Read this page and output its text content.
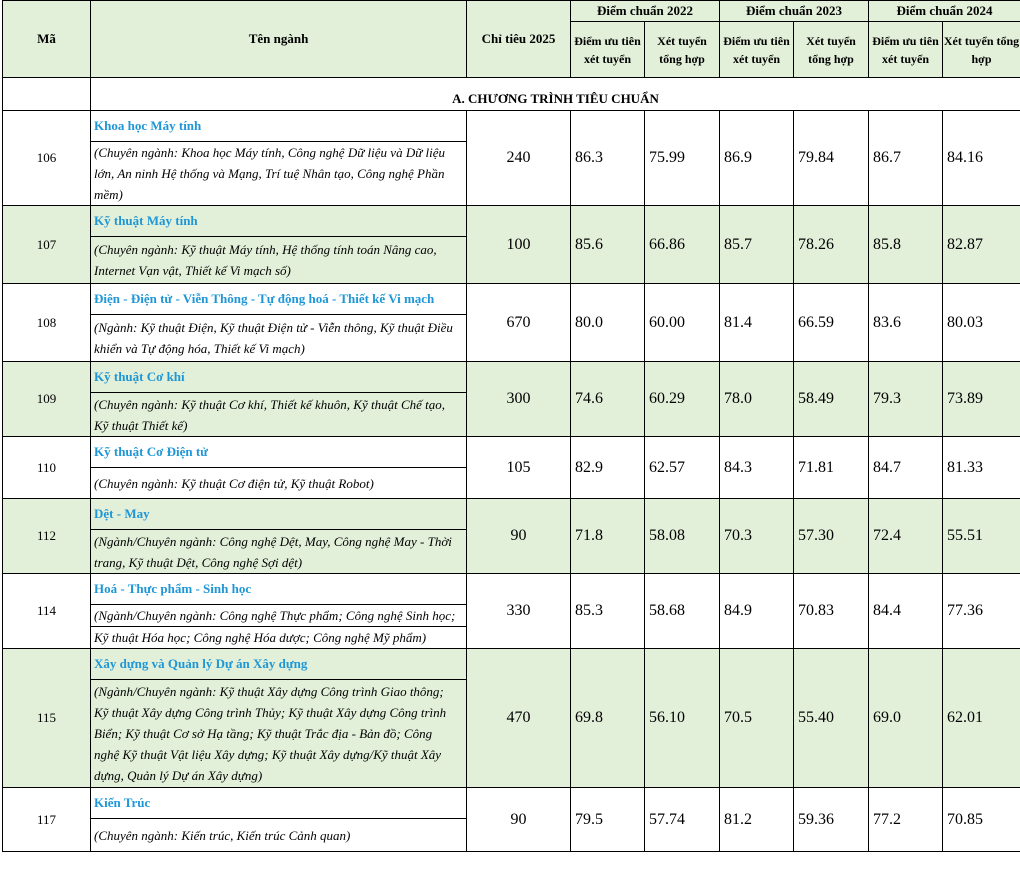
Mã	Tên ngành	Chỉ tiêu 2025	Điểm chuẩn 2022		Điểm chuẩn 2023		Điểm chuẩn 2024	
			Điểm ưu tiên xét tuyển	Xét tuyển tổng hợp	Điểm ưu tiên xét tuyển	Xét tuyển tổng hợp	Điểm ưu tiên xét tuyển	Xét tuyển tổng hợp
	A. CHƯƠNG TRÌNH TIÊU CHUẨN							
106	Khoa học Máy tính	240	86.3	75.99	86.9	79.84	86.7	84.16
	(Chuyên ngành: Khoa học Máy tính, Công nghệ Dữ liệu và Dữ liệu lớn, An ninh Hệ thống và Mạng, Trí tuệ Nhân tạo, Công nghệ Phần mềm)							
107	Kỹ thuật Máy tính	100	85.6	66.86	85.7	78.26	85.8	82.87
	(Chuyên ngành: Kỹ thuật Máy tính, Hệ thống tính toán Nâng cao, Internet Vạn vật, Thiết kế Vi mạch số)							
108	Điện - Điện tử - Viễn Thông - Tự động hoá - Thiết kế Vi mạch	670	80.0	60.00	81.4	66.59	83.6	80.03
	(Ngành: Kỹ thuật Điện, Kỹ thuật Điện tử - Viễn thông, Kỹ thuật Điều khiển và Tự động hóa, Thiết kế Vi mạch)							
109	Kỹ thuật Cơ khí	300	74.6	60.29	78.0	58.49	79.3	73.89
	(Chuyên ngành: Kỹ thuật Cơ khí, Thiết kế khuôn, Kỹ thuật Chế tạo, Kỹ thuật Thiết kế)							
110	Kỹ thuật Cơ Điện tử	105	82.9	62.57	84.3	71.81	84.7	81.33
	(Chuyên ngành: Kỹ thuật Cơ điện tử, Kỹ thuật Robot)							
112	Dệt - May	90	71.8	58.08	70.3	57.30	72.4	55.51
	(Ngành/Chuyên ngành: Công nghệ Dệt, May, Công nghệ May - Thời trang, Kỹ thuật Dệt, Công nghệ Sợi dệt)							
114	Hoá - Thực phẩm - Sinh học	330	85.3	58.68	84.9	70.83	84.4	77.36
	(Ngành/Chuyên ngành: Công nghệ Thực phẩm; Công nghệ Sinh học;							
	Kỹ thuật Hóa học; Công nghệ Hóa dược; Công nghệ Mỹ phẩm)							
115	Xây dựng và Quản lý Dự án Xây dựng	470	69.8	56.10	70.5	55.40	69.0	62.01
	(Ngành/Chuyên ngành: Kỹ thuật Xây dựng Công trình Giao thông; Kỹ thuật Xây dựng Công trình Thủy; Kỹ thuật Xây dựng Công trình Biển; Kỹ thuật Cơ sở Hạ tầng; Kỹ thuật Trắc địa - Bản đồ; Công nghệ Kỹ thuật Vật liệu Xây dựng; Kỹ thuật Xây dựng/Kỹ thuật Xây dựng, Quản lý Dự án Xây dựng)							
117	Kiến Trúc	90	79.5	57.74	81.2	59.36	77.2	70.85
	(Chuyên ngành: Kiến trúc, Kiến trúc Cảnh quan)							
